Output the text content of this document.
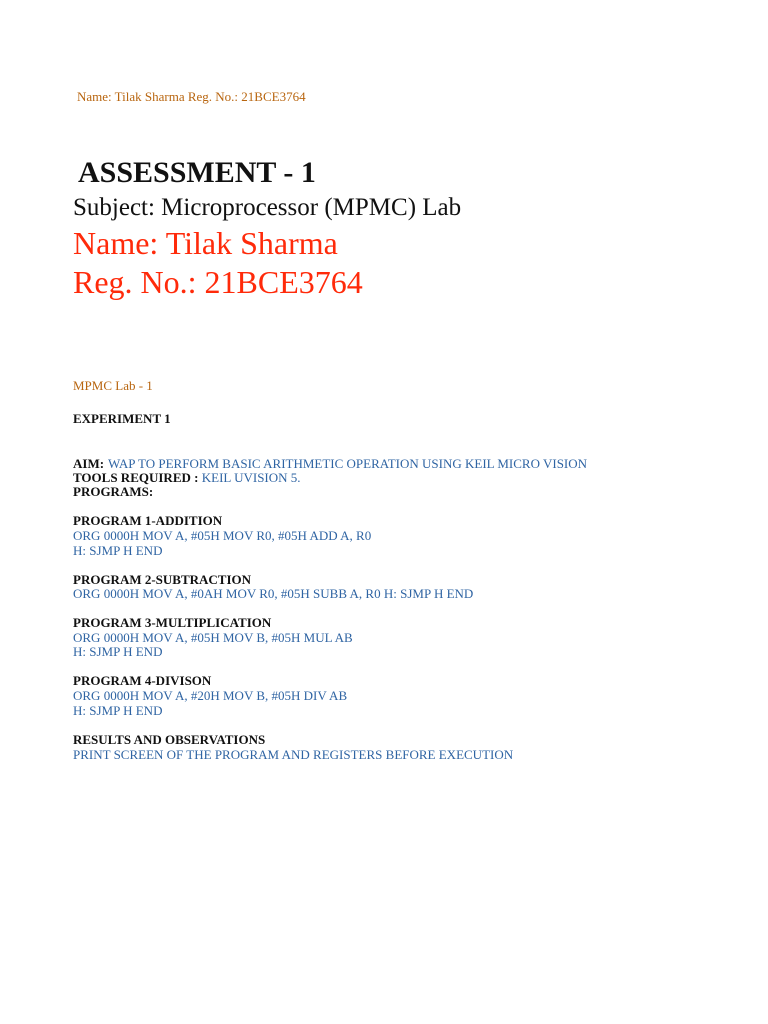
Name: Tilak Sharma Reg. No.: 21BCE3764
ASSESSMENT - 1
Subject: Microprocessor (MPMC) Lab
Name: Tilak Sharma
Reg. No.: 21BCE3764
MPMC Lab - 1
EXPERIMENT 1
AIM: WAP TO PERFORM BASIC ARITHMETIC OPERATION USING KEIL MICRO VISION
TOOLS REQUIRED : KEIL UVISION 5.
PROGRAMS:
PROGRAM 1-ADDITION
ORG 0000H MOV A, #05H MOV R0, #05H ADD A, R0
H: SJMP H END
PROGRAM 2-SUBTRACTION
ORG 0000H MOV A, #0AH MOV R0, #05H SUBB A, R0 H: SJMP H END
PROGRAM 3-MULTIPLICATION
ORG 0000H MOV A, #05H MOV B, #05H MUL AB
H: SJMP H END
PROGRAM 4-DIVISON
ORG 0000H MOV A, #20H MOV B, #05H DIV AB
H: SJMP H END
RESULTS AND OBSERVATIONS
PRINT SCREEN OF THE PROGRAM AND REGISTERS BEFORE EXECUTION
